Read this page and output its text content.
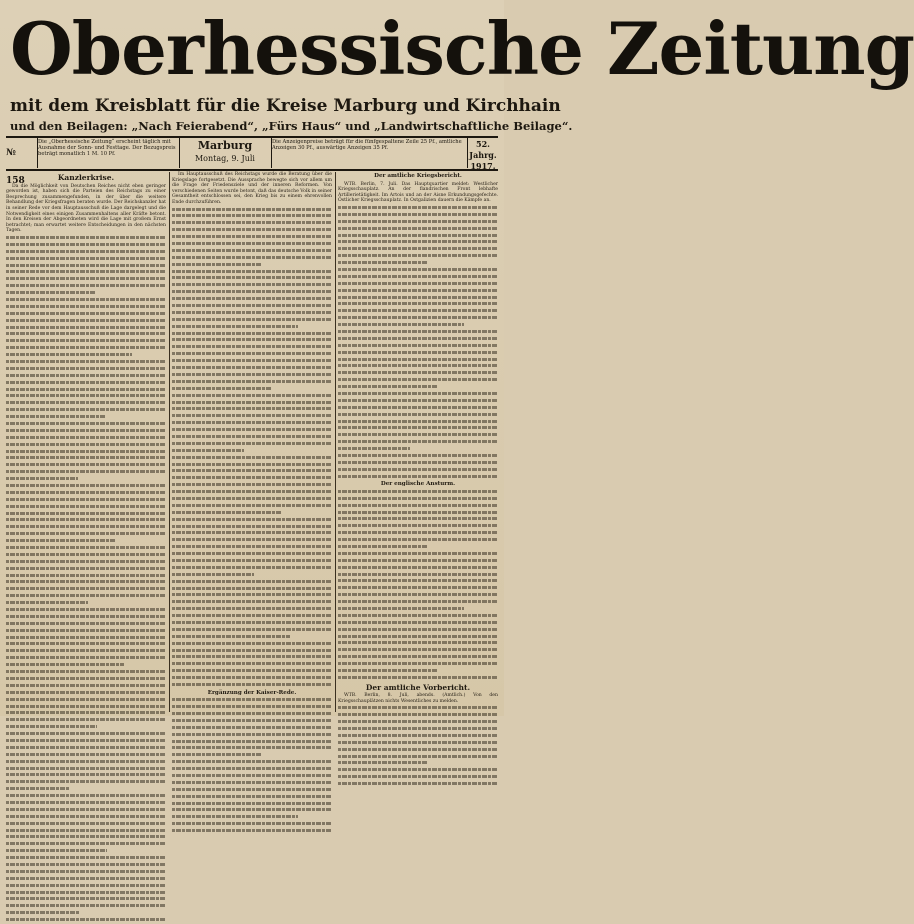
Oberhessische Zeitung
mit dem Kreisblatt für die Kreise Marburg und Kirchhain
und den Beilagen: „Nach Feierabend“, „Fürs Haus“ und „Landwirtschaftliche Beilage“.
№ 158
Die „Oberhessische Zeitung“ erscheint täglich mit Ausnahme der Sonn- und Festtage. Der Bezugspreis beträgt monatlich 1 M. 10 Pf.
Marburg
Montag, 9. Juli
Die Anzeigenpreise beträgt für die fünfgespaltene Zeile 25 Pf., amtliche Anzeigen 30 Pf., auswärtige Anzeigen 35 Pf.	52. Jahrg.
1917.
Kanzlerkrise.
Da die Möglichkeit von Deutschen Reiches nicht eben geringer geworden ist, haben sich die Parteien des Reichstags zu einer Besprechung zusammengefunden, in der über die weitere Behandlung der Kriegsfragen beraten wurde. Der Reichskanzler hat in seiner Rede vor dem Hauptausschuß die Lage dargelegt und die Notwendigkeit eines einigen Zusammenhaltens aller Kräfte betont. In den Kreisen der Abgeordneten wird die Lage mit großem Ernst betrachtet; man erwartet weitere Entscheidungen in den nächsten Tagen.
Im Hauptausschuß des Reichstags wurde die Beratung über die Kriegslage fortgesetzt. Die Aussprache bewegte sich vor allem um die Frage der Friedensziele und der inneren Reformen. Von verschiedenen Seiten wurde betont, daß das deutsche Volk in seiner Gesamtheit entschlossen sei, den Krieg bis zu einem ehrenvollen Ende durchzuführen.
Ergänzung der Kaiser-Rede.
Der amtliche Kriegsbericht.
WTB. Berlin, 7. Juli. Das Hauptquartier meldet: Westlicher Kriegsschauplatz. An der flandrischen Front lebhafte Artillerietätigkeit. Im Artois und an der Aisne Erkundungsgefechte. Östlicher Kriegsschauplatz. In Ostgalizien dauern die Kämpfe an.
Der englische Ansturm.
Der amtliche Vorbericht.
WTB. Berlin, 8. Juli, abends. (Amtlich.) Von den Kriegsschauplätzen nichts Wesentliches zu melden.
